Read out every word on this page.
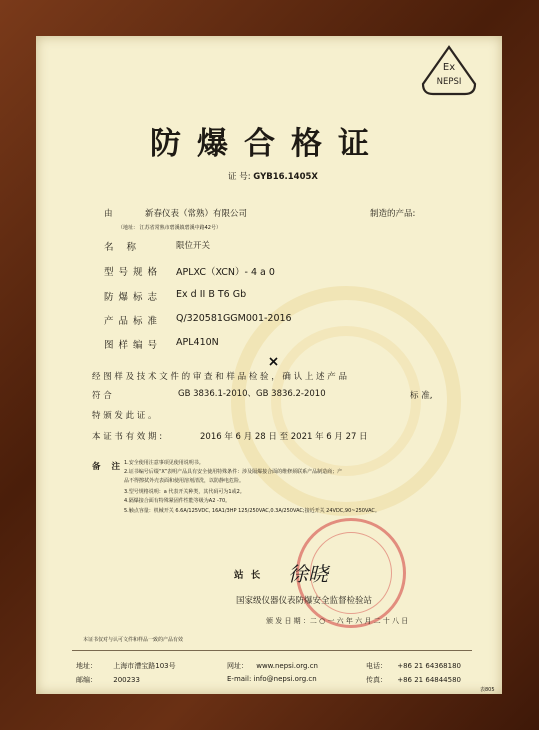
Ex
NEPSI
防爆合格证
证 号: GYB16.1405X
由	新春仪表（常熟）有限公司	制造的产品:
（地址： 江苏省常熟市碧溪镇碧溪中路42号）
名 称	限位开关
型号规格 APLXC（XCN）- 4 a 0
防爆标志 Ex d II B T6 Gb
产品标准 Q/320581GGM001-2016
图样编号 APL410N
经 图 样 及 技 术 文 件 的 审 查 和 样 品 检 验 ， 确 认 上 述 产 品
符 合	GB 3836.1-2010、GB 3836.2-2010	标 准,
特 颁 发 此 证 。
本 证 书 有 效 期 :	2016 年 6 月 28 日 至 2021 年 6 月 27 日
备 注 1.安全使用注意事项见使用说明书。
2.证书编号后缀“X”表明产品具有安全使用特殊条件：涉及隔爆接合面的维修须联系产品制造商；产
品不得擦拭外壳表面和使用溶剂清洗，以防静电危险。
3.型号规格说明：a 代表开关种类，其代码可为1或2。
4.隔爆接合面有特殊紧固件性能等级为A2 -70。
5.触点容量：机械开关 6.6A/125VDC, 16A1/3HP 125/250VAC,0.3A/250VAC;接近开关 24VDC,90~250VAC。
站 长 徐晓
国家级仪器仪表防爆安全监督检验站
颁 发 日 期 ：二 ○ 一 六 年 六 月 二 十 八 日
本证书仅对与认可文件和样品一致的产品有效
地址： 上海市漕宝路103号
邮编： 200233
网址： www.nepsi.org.cn
E-mail: info@nepsi.org.cn
电话： +86 21 64368180
传真： +86 21 64844580
表805
